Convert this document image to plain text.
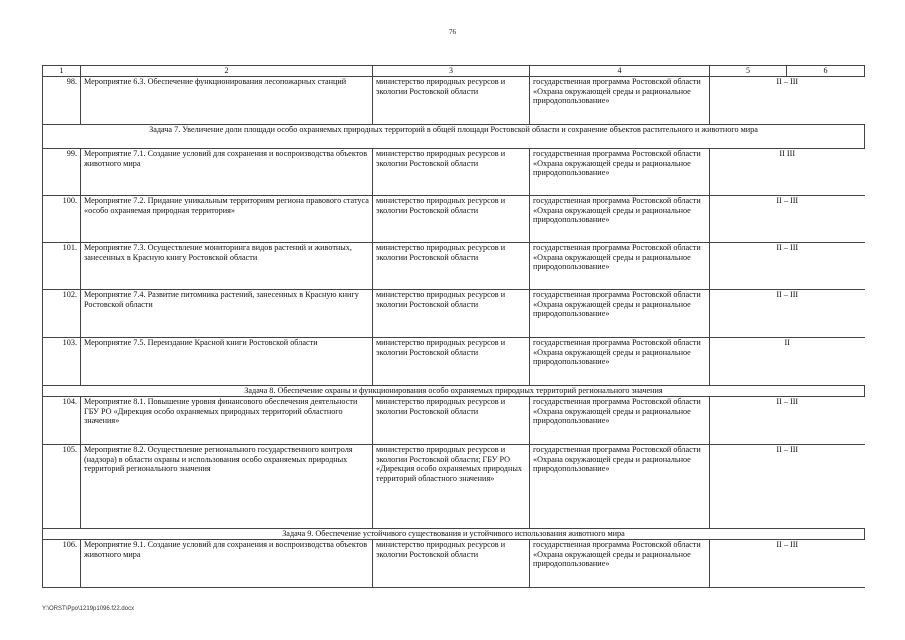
76
1	2	3	4	5	6
98.	Мероприятие 6.3. Обеспечение функционирования лесопожарных станций	министерство природных ресурсов и экологии Ростовской области	государственная программа Ростовской области «Охрана окружающей среды и рациональное природопользование»	II – III	
Задача 7. Увеличение доли площади особо охраняемых природных территорий в общей площади Ростовской области и сохранение объектов растительного и животного мира					
99.	Мероприятие 7.1. Создание условий для сохранения и воспроизводства объектов животного мира	министерство природных ресурсов и экологии Ростовской области	государственная программа Ростовской области «Охрана окружающей среды и рациональное природопользование»	II III	
100.	Мероприятие 7.2. Придание уникальным территориям региона правового статуса «особо охраняемая природная территория»	министерство природных ресурсов и экологии Ростовской области	государственная программа Ростовской области «Охрана окружающей среды и рациональное природопользование»	II – III	
101.	Мероприятие 7.3. Осуществление мониторинга видов растений и животных, занесенных в Красную книгу Ростовской области	министерство природных ресурсов и экологии Ростовской области	государственная программа Ростовской области «Охрана окружающей среды и рациональное природопользование»	II – III	
102.	Мероприятие 7.4. Развитие питомника растений, занесенных в Красную книгу Ростовской области	министерство природных ресурсов и экологии Ростовской области	государственная программа Ростовской области «Охрана окружающей среды и рациональное природопользование»	II – III	
103.	Мероприятие 7.5. Переиздание Красной книги Ростовской области	министерство природных ресурсов и экологии Ростовской области	государственная программа Ростовской области «Охрана окружающей среды и рациональное природопользование»	II	
Задача 8. Обеспечение охраны и функционирования особо охраняемых природных территорий регионального значения					
104.	Мероприятие 8.1. Повышение уровня финансового обеспечения деятельности ГБУ РО «Дирекция особо охраняемых природных территорий областного значения»	министерство природных ресурсов и экологии Ростовской области	государственная программа Ростовской области «Охрана окружающей среды и рациональное природопользование»	II – III	
105.	Мероприятие 8.2. Осуществление регионального государственного контроля (надзора) в области охраны и использования особо охраняемых природных территорий регионального значения	министерство природных ресурсов и экологии Ростовской области; ГБУ РО «Дирекция особо охраняемых природных территорий областного значения»	государственная программа Ростовской области «Охрана окружающей среды и рациональное природопользование»	II – III	
Задача 9. Обеспечение устойчивого существования и устойчивого использования животного мира					
106.	Мероприятие 9.1. Создание условий для сохранения и воспроизводства объектов животного мира	министерство природных ресурсов и экологии Ростовской области	государственная программа Ростовской области «Охрана окружающей среды и рациональное природопользование»	II – III	
Y:\ORST\Ppo\1219p1096.f22.docx
